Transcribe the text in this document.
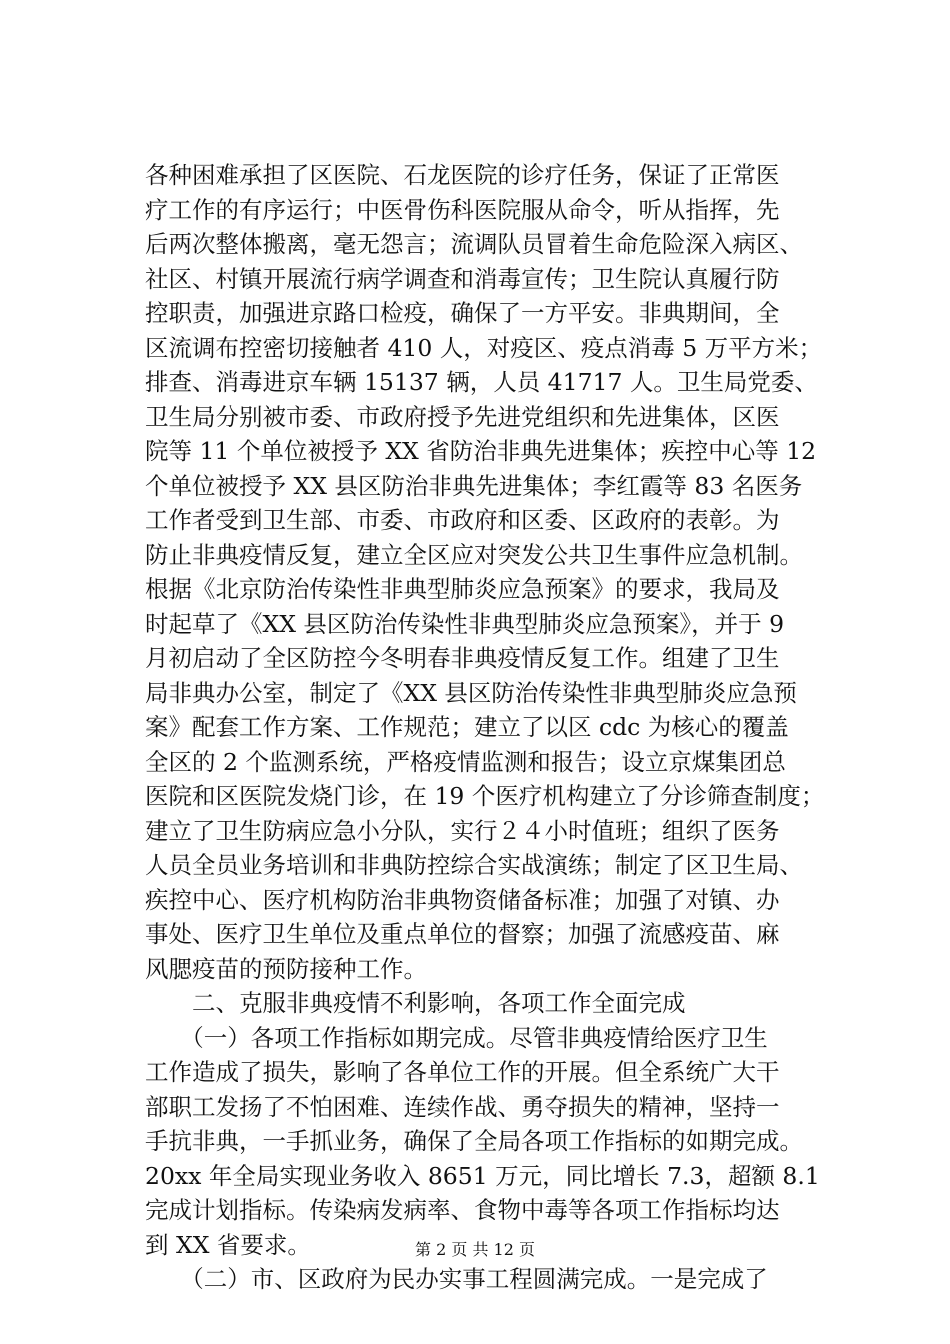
各种困难承担了区医院、石龙医院的诊疗任务，保证了正常医
疗工作的有序运行；中医骨伤科医院服从命令，听从指挥，先
后两次整体搬离，毫无怨言；流调队员冒着生命危险深入病区、
社区、村镇开展流行病学调查和消毒宣传；卫生院认真履行防
控职责，加强进京路口检疫，确保了一方平安。非典期间，全
区流调布控密切接触者 410 人，对疫区、疫点消毒 5 万平方米；
排查、消毒进京车辆 15137 辆，人员 41717 人。卫生局党委、
卫生局分别被市委、市政府授予先进党组织和先进集体，区医
院等 11 个单位被授予 XX 省防治非典先进集体；疾控中心等 12
个单位被授予 XX 县区防治非典先进集体；李红霞等 83 名医务
工作者受到卫生部、市委、市政府和区委、区政府的表彰。为
防止非典疫情反复，建立全区应对突发公共卫生事件应急机制。
根据《北京防治传染性非典型肺炎应急预案》的要求，我局及
时起草了《XX 县区防治传染性非典型肺炎应急预案》，并于 9
月初启动了全区防控今冬明春非典疫情反复工作。组建了卫生
局非典办公室，制定了《XX 县区防治传染性非典型肺炎应急预
案》配套工作方案、工作规范；建立了以区 cdc 为核心的覆盖
全区的 2 个监测系统，严格疫情监测和报告；设立京煤集团总
医院和区医院发烧门诊，在 19 个医疗机构建立了分诊筛查制度；
建立了卫生防病应急小分队，实行２４小时值班；组织了医务
人员全员业务培训和非典防控综合实战演练；制定了区卫生局、
疾控中心、医疗机构防治非典物资储备标准；加强了对镇、办
事处、医疗卫生单位及重点单位的督察；加强了流感疫苗、麻
风腮疫苗的预防接种工作。
　　二、克服非典疫情不利影响，各项工作全面完成
　　（一）各项工作指标如期完成。尽管非典疫情给医疗卫生
工作造成了损失，影响了各单位工作的开展。但全系统广大干
部职工发扬了不怕困难、连续作战、勇夺损失的精神，坚持一
手抗非典，一手抓业务，确保了全局各项工作指标的如期完成。
20xx 年全局实现业务收入 8651 万元，同比增长 7.3，超额 8.1
完成计划指标。传染病发病率、食物中毒等各项工作指标均达
到 XX 省要求。
　　（二）市、区政府为民办实事工程圆满完成。一是完成了
第 2 页 共 12 页
